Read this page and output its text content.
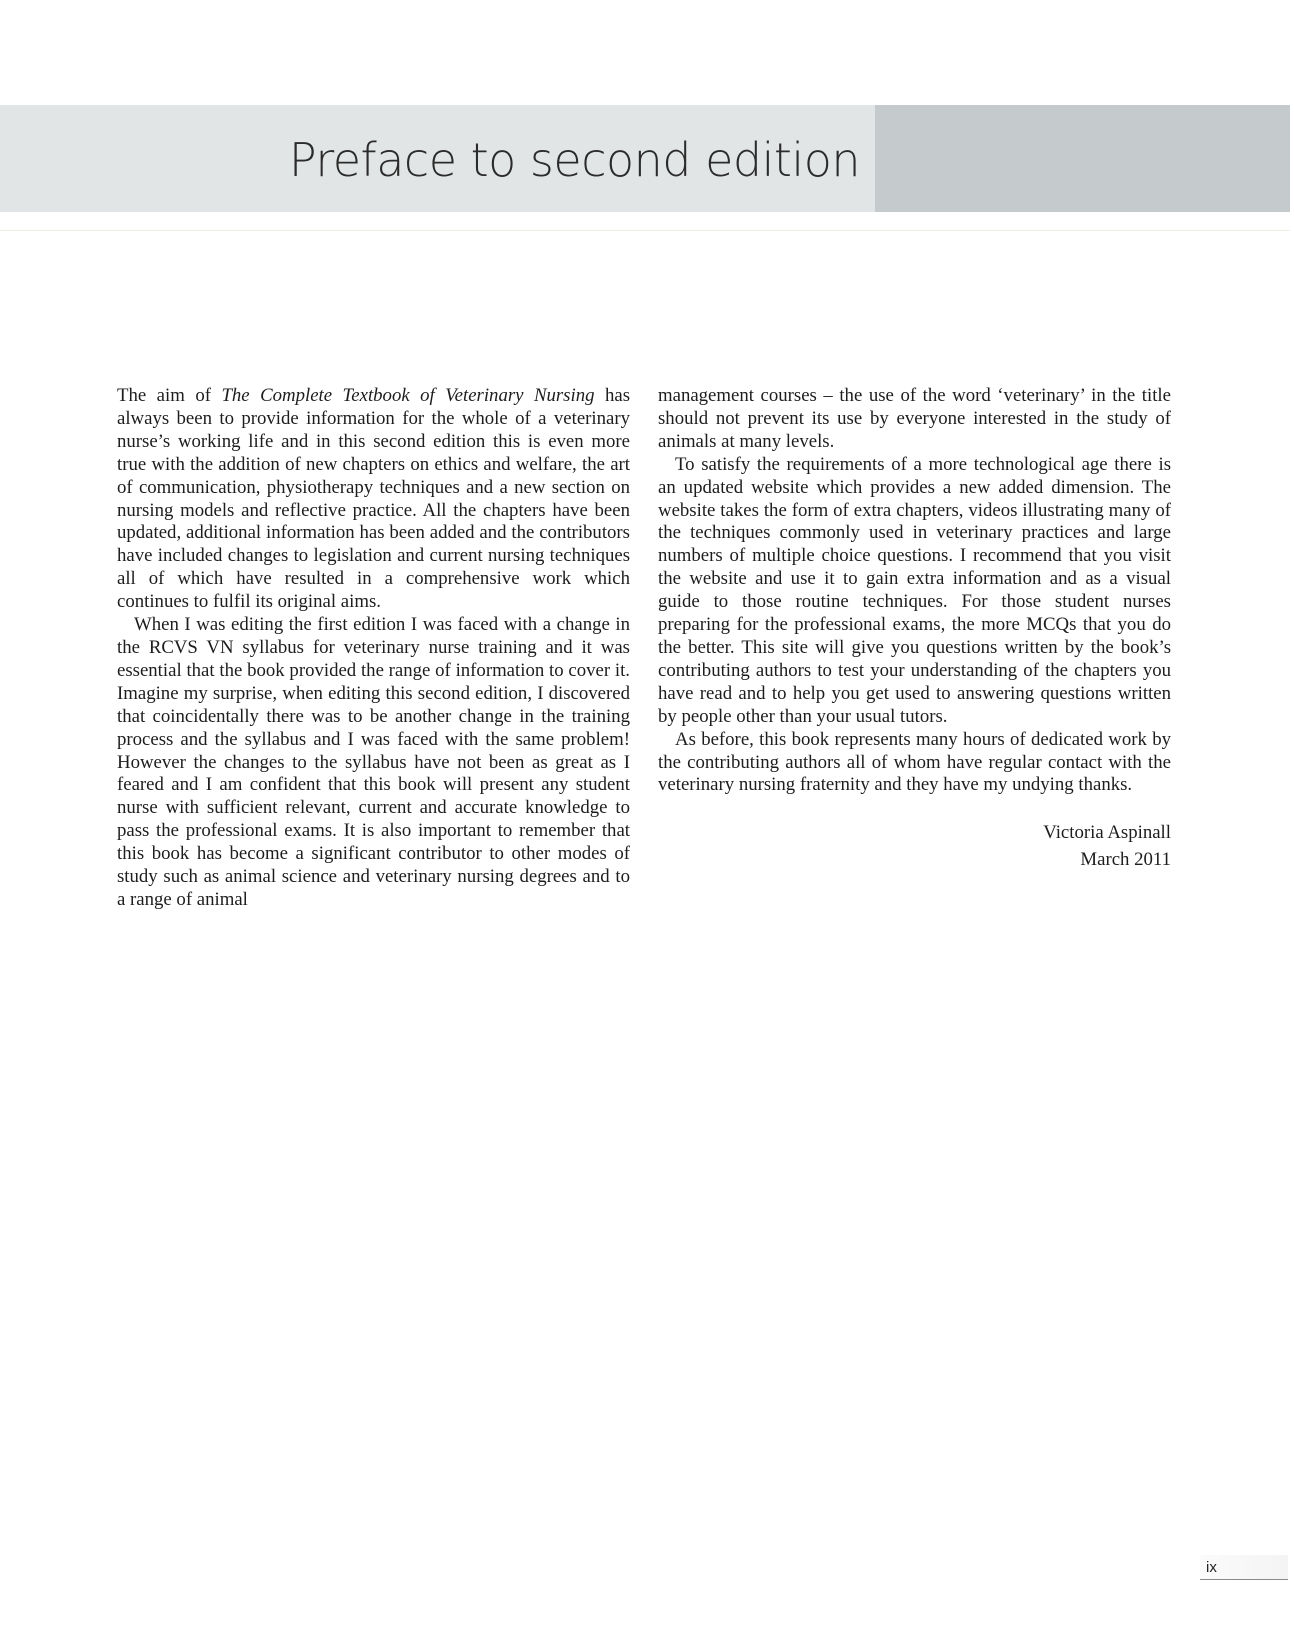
Preface to second edition

The aim of The Complete Textbook of Veterinary Nursing has always been to provide information for the whole of a veterinary nurse’s working life and in this second edition this is even more true with the addition of new chapters on ethics and welfare, the art of communication, physiotherapy techniques and a new section on nursing models and reflective practice. All the chapters have been updated, additional information has been added and the contributors have included changes to legislation and current nursing techniques all of which have resulted in a comprehensive work which continues to fulfil its original aims.

When I was editing the first edition I was faced with a change in the RCVS VN syllabus for veterinary nurse training and it was essential that the book provided the range of information to cover it. Imagine my surprise, when editing this second edition, I discovered that coincidentally there was to be another change in the training process and the syllabus and I was faced with the same problem! However the changes to the syllabus have not been as great as I feared and I am confident that this book will present any student nurse with sufficient relevant, current and accurate knowledge to pass the professional exams. It is also important to remember that this book has become a significant contributor to other modes of study such as animal science and veterinary nursing degrees and to a range of animal

management courses – the use of the word ‘veterinary’ in the title should not prevent its use by everyone interested in the study of animals at many levels.

To satisfy the requirements of a more technological age there is an updated website which provides a new added dimension. The website takes the form of extra chapters, videos illustrating many of the techniques commonly used in veterinary practices and large numbers of multiple choice questions. I recommend that you visit the website and use it to gain extra information and as a visual guide to those routine techniques. For those student nurses preparing for the professional exams, the more MCQs that you do the better. This site will give you questions written by the book’s contributing authors to test your understanding of the chapters you have read and to help you get used to answering questions written by people other than your usual tutors.

As before, this book represents many hours of dedicated work by the contributing authors all of whom have regular contact with the veterinary nursing fraternity and they have my undying thanks.

Victoria Aspinall
March 2011
ix
